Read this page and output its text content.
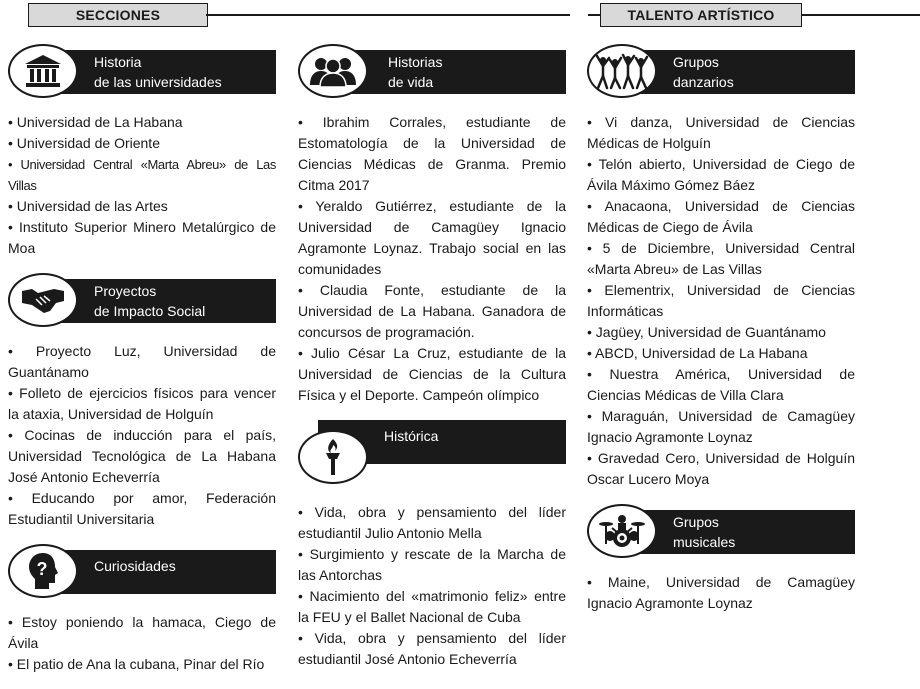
SECCIONES	TALENTO ARTÍSTICO
Historia
de las universidades
• Universidad de La Habana
• Universidad de Oriente
• Universidad Central «Marta Abreu» de Las Villas
• Universidad de las Artes
• Instituto Superior Minero Metalúrgico de Moa
Proyectos
de Impacto Social
• Proyecto Luz, Universidad de Guantánamo
• Folleto de ejercicios físicos para vencer la ataxia, Universidad de Holguín
• Cocinas de inducción para el país, Universidad Tecnológica de La Habana José Antonio Echeverría
• Educando por amor, Federación Estudiantil Universitaria
Curiosidades
?
• Estoy poniendo la hamaca, Ciego de Ávila
• El patio de Ana la cubana, Pinar del Río
Historias
de vida
• Ibrahim Corrales, estudiante de Estomatología de la Universidad de Ciencias Médicas de Granma. Premio Citma 2017
• Yeraldo Gutiérrez, estudiante de la Universidad de Camagüey Ignacio Agramonte Loynaz. Trabajo social en las comunidades
• Claudia Fonte, estudiante de la Universidad de La Habana. Ganadora de concursos de programación.
• Julio César La Cruz, estudiante de la Universidad de Ciencias de la Cultura Física y el Deporte. Campeón olímpico
Histórica
• Vida, obra y pensamiento del líder estudiantil Julio Antonio Mella
• Surgimiento y rescate de la Marcha de las Antorchas
• Nacimiento del «matrimonio feliz» entre la FEU y el Ballet Nacional de Cuba
• Vida, obra y pensamiento del líder estudiantil José Antonio Echeverría
Grupos
danzarios
• Vi danza, Universidad de Ciencias Médicas de Holguín
• Telón abierto, Universidad de Ciego de Ávila Máximo Gómez Báez
• Anacaona, Universidad de Ciencias Médicas de Ciego de Ávila
• 5 de Diciembre, Universidad Central «Marta Abreu» de Las Villas
• Elementrix, Universidad de Ciencias Informáticas
• Jagüey, Universidad de Guantánamo
• ABCD, Universidad de La Habana
• Nuestra América, Universidad de Ciencias Médicas de Villa Clara
• Maraguán, Universidad de Camagüey Ignacio Agramonte Loynaz
• Gravedad Cero, Universidad de Holguín Oscar Lucero Moya
Grupos
musicales
• Maine, Universidad de Camagüey Ignacio Agramonte Loynaz
